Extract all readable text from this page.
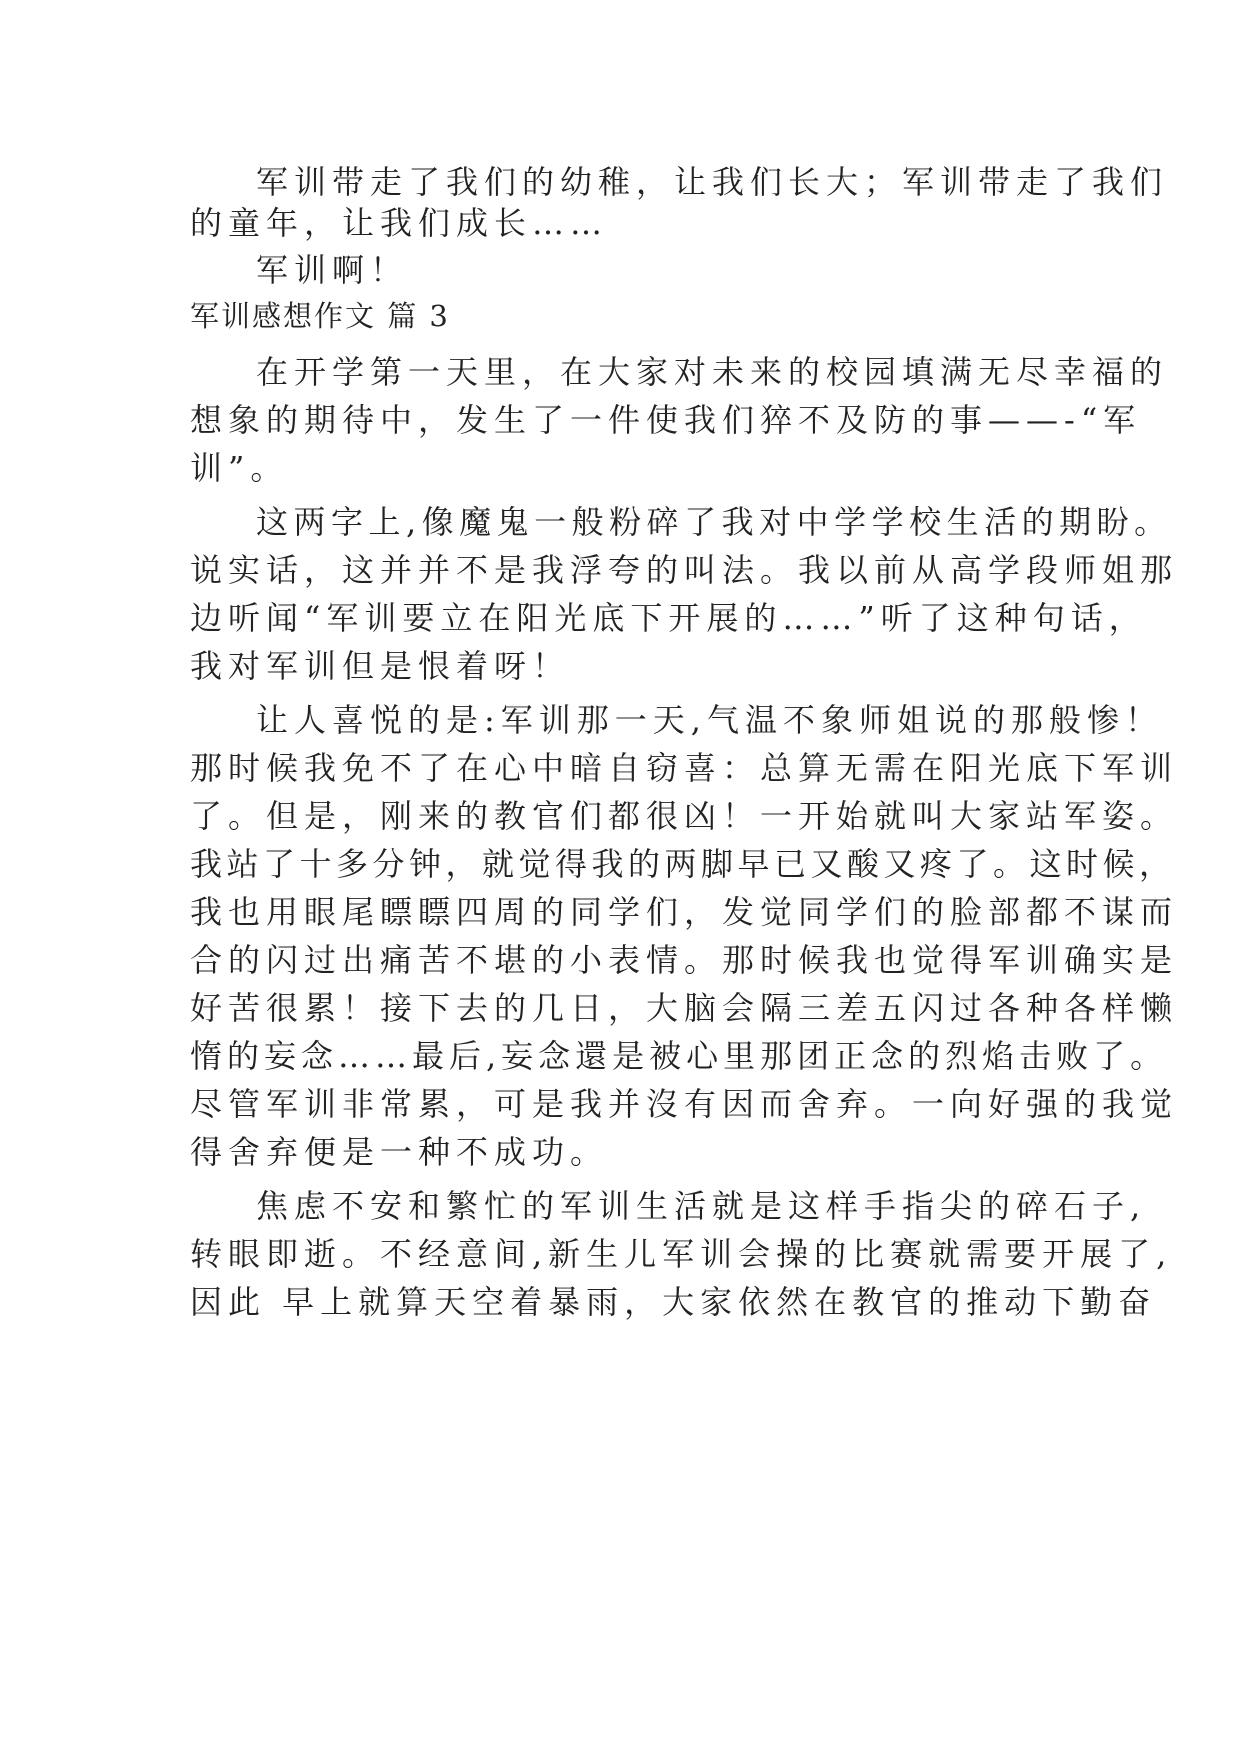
军训带走了我们的幼稚，让我们长大；军训带走了我们
的童年，让我们成长……
军训啊！
军训感想作文 篇 3
在开学第一天里，在大家对未来的校园填满无尽幸福的
想象的期待中，发生了一件使我们猝不及防的事——-“军
训”。
这两字上,像魔鬼一般粉碎了我对中学学校生活的期盼。
说实话，这并并不是我浮夸的叫法。我以前从高学段师姐那
边听闻“军训要立在阳光底下开展的……”听了这种句话，
我对军训但是恨着呀！
让人喜悦的是:军训那一天,气温不象师姐说的那般惨！
那时候我免不了在心中暗自窃喜：总算无需在阳光底下军训
了。但是，刚来的教官们都很凶！一开始就叫大家站军姿。
我站了十多分钟，就觉得我的两脚早已又酸又疼了。这时候，
我也用眼尾瞟瞟四周的同学们，发觉同学们的脸部都不谋而
合的闪过出痛苦不堪的小表情。那时候我也觉得军训确实是
好苦很累！接下去的几日，大脑会隔三差五闪过各种各样懒
惰的妄念……最后,妄念還是被心里那团正念的烈焰击败了。
尽管军训非常累，可是我并沒有因而舍弃。一向好强的我觉
得舍弃便是一种不成功。
焦虑不安和繁忙的军训生活就是这样手指尖的碎石子,
转眼即逝。不经意间,新生儿军训会操的比赛就需要开展了,
因此 早上就算天空着暴雨，大家依然在教官的推动下勤奋
